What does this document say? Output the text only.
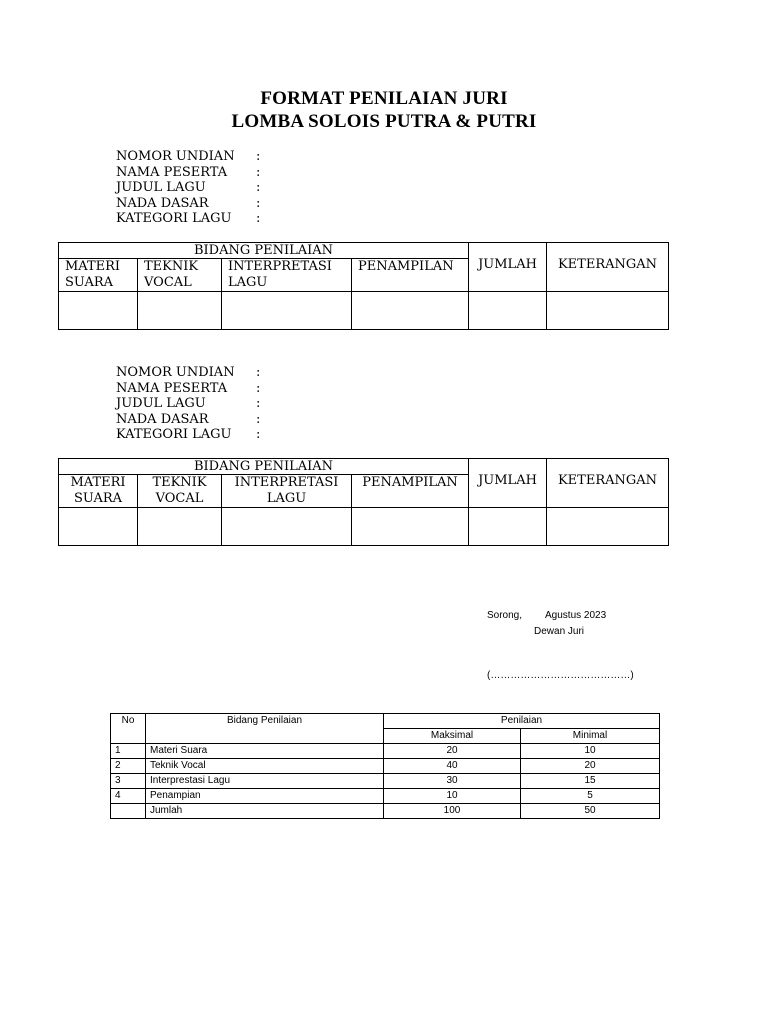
FORMAT PENILAIAN JURI
LOMBA SOLOIS PUTRA & PUTRI
NOMOR UNDIAN	:
NAMA PESERTA	:
JUDUL LAGU	:
NADA DASAR	:
KATEGORI LAGU	:
BIDANG PENILAIAN				JUMLAH	KETERANGAN
MATERI SUARA	TEKNIK VOCAL	INTERPRETASI LAGU	PENAMPILAN		

NOMOR UNDIAN	:
NAMA PESERTA	:
JUDUL LAGU	:
NADA DASAR	:
KATEGORI LAGU	:
BIDANG PENILAIAN				JUMLAH	KETERANGAN
MATERI SUARA	TEKNIK VOCAL	INTERPRETASI LAGU	PENAMPILAN		

Sorong, Agustus 2023
Dewan Juri
(……………………………………)
No	Bidang Penilaian	Penilaian	
		Maksimal	Minimal
1	Materi Suara	20	10
2	Teknik Vocal	40	20
3	Interprestasi Lagu	30	15
4	Penampian	10	5
	Jumlah	100	50
